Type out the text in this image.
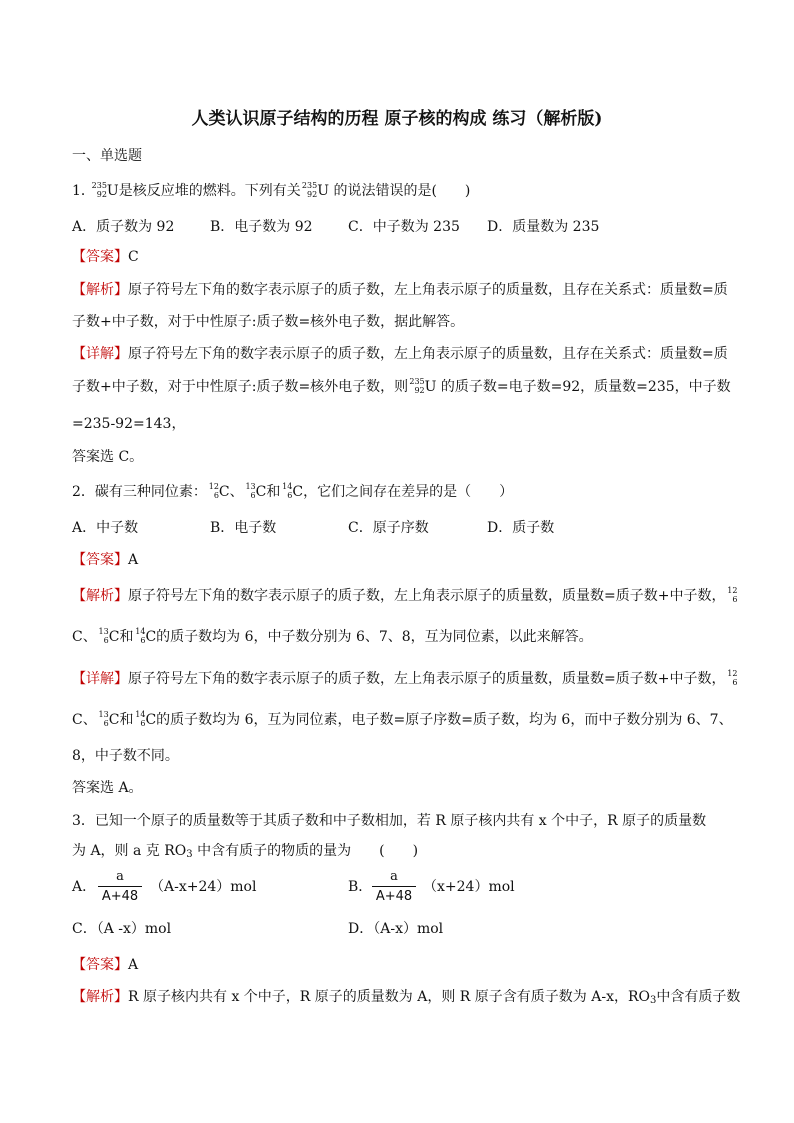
人类认识原子结构的历程 原子核的构成 练习（解析版)
一、单选题
1．
235
92 U是核反应堆的燃料。下列有关 235
92 U 的说法错误的是(　　)
A．质子数为 92	B．电子数为 92	C．中子数为 235 D．质量数为 235
【答案】C
【解析】原子符号左下角的数字表示原子的质子数，左上角表示原子的质量数，且存在关系式：质量数=质
子数+中子数，对于中性原子:质子数=核外电子数，据此解答。
【详解】原子符号左下角的数字表示原子的质子数，左上角表示原子的质量数，且存在关系式：质量数=质
子数+中子数，对于中性原子:质子数=核外电子数，则 235
92 U 的质子数=电子数=92，质量数=235，中子数
=235-92=143，
答案选 C。
2．碳有三种同位素： 12
6 C、 13
6 C和 14
6 C，它们之间存在差异的是（　　）
A．中子数	B．电子数	C．原子序数	D．质子数
【答案】A
【解析】原子符号左下角的数字表示原子的质子数，左上角表示原子的质量数，质量数=质子数+中子数， 12
6
C、 13
6 C和 14
6 C的质子数均为 6，中子数分别为 6、7、8，互为同位素，以此来解答。
【详解】原子符号左下角的数字表示原子的质子数，左上角表示原子的质量数，质量数=质子数+中子数， 12
6
C、 13
6 C和 14
6 C的质子数均为 6，互为同位素，电子数=原子序数=质子数，均为 6，而中子数分别为 6、7、
8，中子数不同。
答案选 A。
3．已知一个原子的质量数等于其质子数和中子数相加，若 R 原子核内共有 x 个中子，R 原子的质量数
为 A，则 a 克 $RO_3$ 中含有质子的物质的量为　　(　　)
A．
a
A+48
（A-x+24）mol	B．
a
A+48
（x+24）mol
C．（A -x）mol	D．（A-x）mol
【答案】A
【解析】R 原子核内共有 x 个中子，R 原子的质量数为 A，则 R 原子含有质子数为 A-x，$RO_3$中含有质子数
